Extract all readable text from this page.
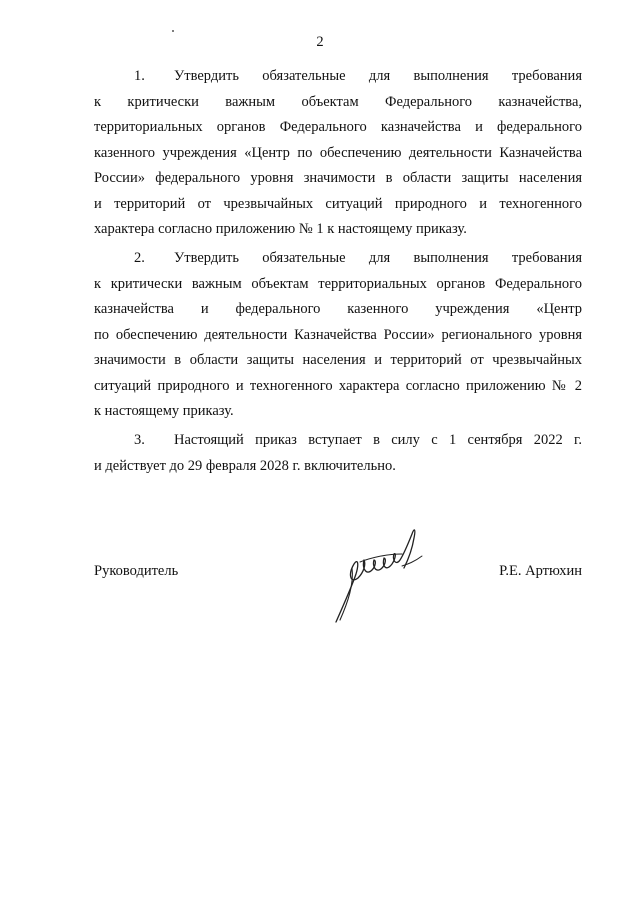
2
1. Утвердить обязательные для выполнения требования
к критически важным объектам Федерального казначейства,
территориальных органов Федерального казначейства и федерального
казенного учреждения «Центр по обеспечению деятельности Казначейства
России» федерального уровня значимости в области защиты населения
и территорий от чрезвычайных ситуаций природного и техногенного
характера согласно приложению № 1 к настоящему приказу.
2. Утвердить обязательные для выполнения требования
к критически важным объектам территориальных органов Федерального
казначейства и федерального казенного учреждения «Центр
по обеспечению деятельности Казначейства России» регионального уровня
значимости в области защиты населения и территорий от чрезвычайных
ситуаций природного и техногенного характера согласно приложению № 2
к настоящему приказу.
3. Настоящий приказ вступает в силу с 1 сентября 2022 г.
и действует до 29 февраля 2028 г. включительно.
Руководитель	Р.Е. Артюхин
